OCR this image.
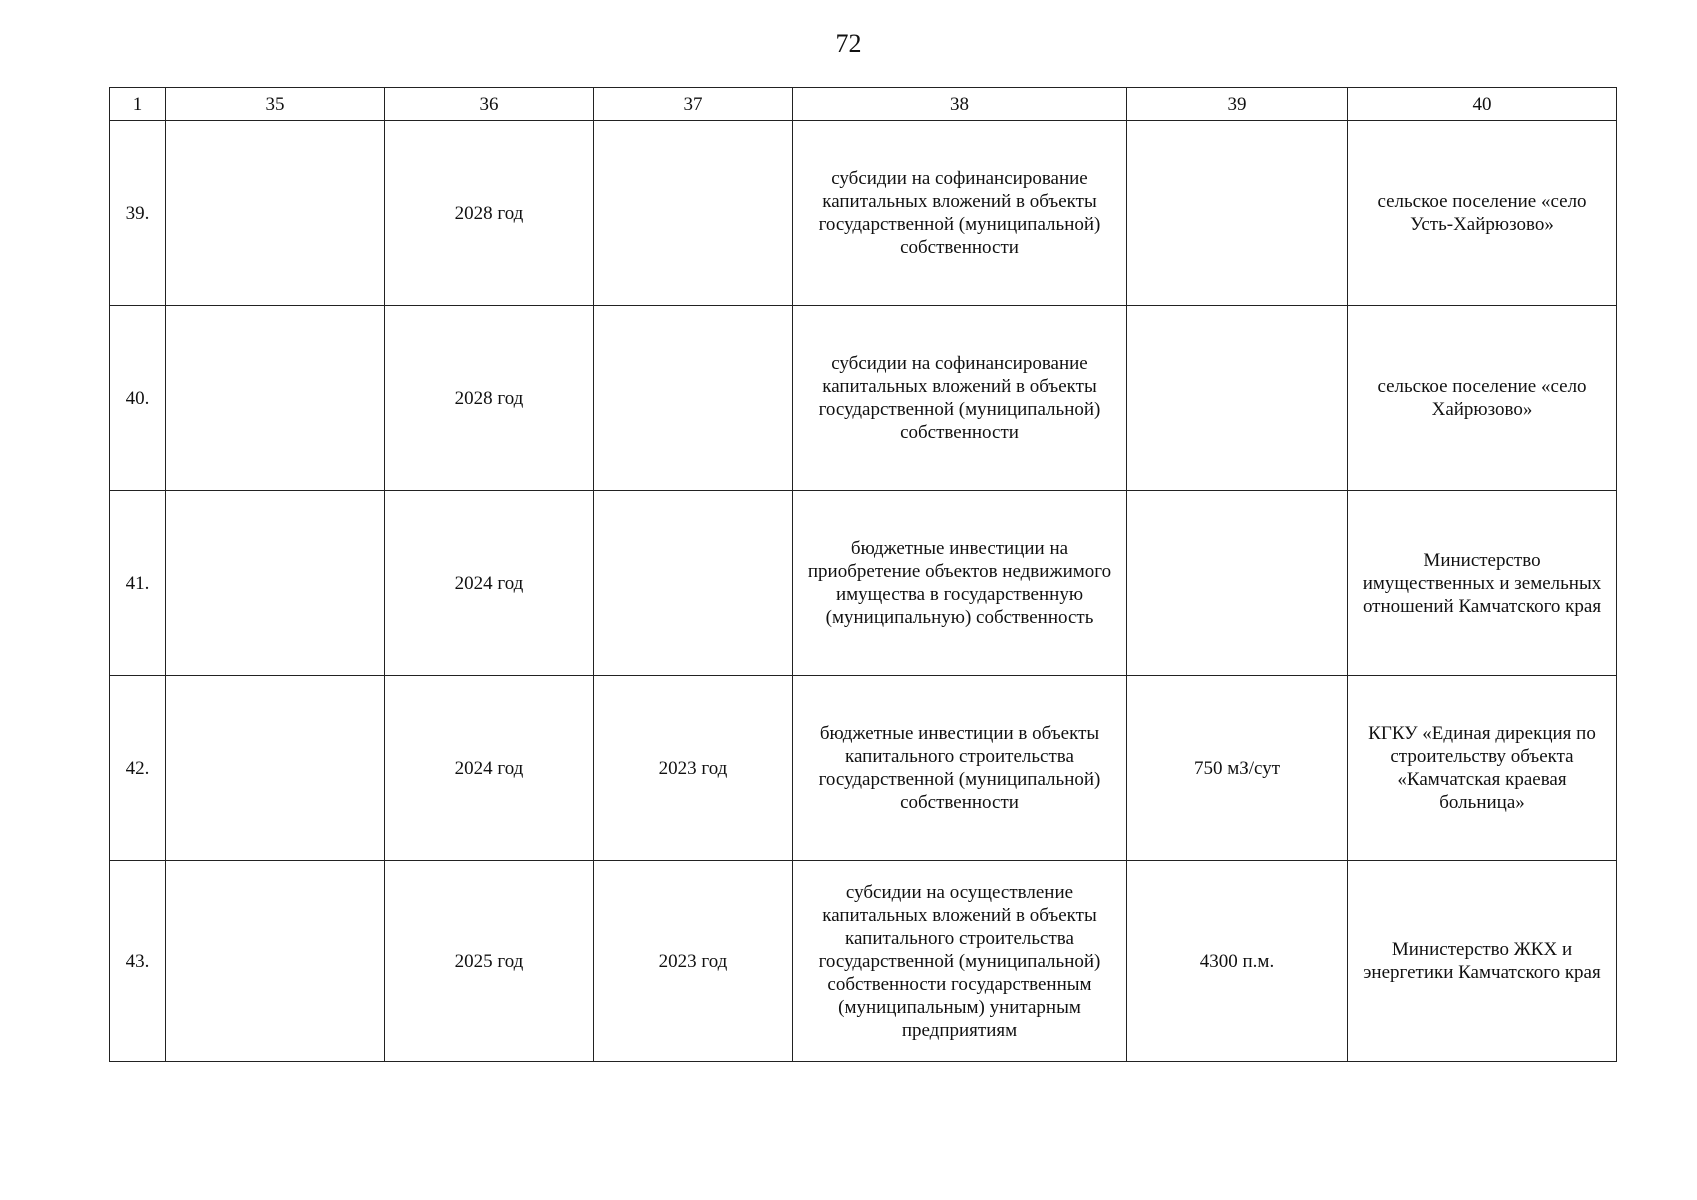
72
1	35	36	37	38	39	40
39.		2028 год		субсидии на софинансирование капитальных вложений в объекты государственной (муниципальной) собственности		сельское поселение «село Усть-Хайрюзово»
40.		2028 год		субсидии на софинансирование капитальных вложений в объекты государственной (муниципальной) собственности		сельское поселение «село Хайрюзово»
41.		2024 год		бюджетные инвестиции на приобретение объектов недвижимого имущества в государственную (муниципальную) собственность		Министерство имущественных и земельных отношений Камчатского края
42.		2024 год	2023 год	бюджетные инвестиции в объекты капитального строительства государственной (муниципальной) собственности	750 мЗ/сут	КГКУ «Единая дирекция по строительству объекта «Камчатская краевая больница»
43.		2025 год	2023 год	субсидии на осуществление капитальных вложений в объекты капитального строительства государственной (муниципальной) собственности государственным (муниципальным) унитарным предприятиям	4300 п.м.	Министерство ЖКХ и энергетики Камчатского края
